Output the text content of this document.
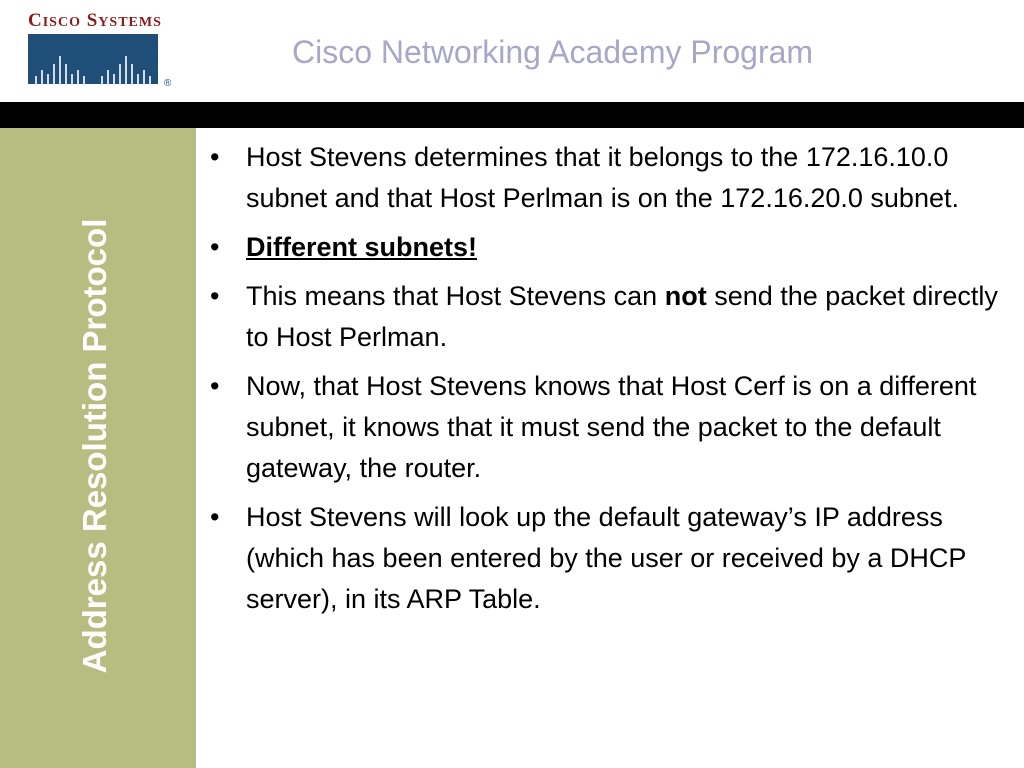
CISCO SYSTEMS
®
Cisco Networking Academy Program
Address Resolution Protocol
• Host Stevens determines that it belongs to the 172.16.10.0 subnet and that Host Perlman is on the 172.16.20.0 subnet.
• Different subnets!
• This means that Host Stevens can not send the packet directly to Host Perlman.
• Now, that Host Stevens knows that Host Cerf is on a different subnet, it knows that it must send the packet to the default gateway, the router.
• Host Stevens will look up the default gateway’s IP address (which has been entered by the user or received by a DHCP server), in its ARP Table.
